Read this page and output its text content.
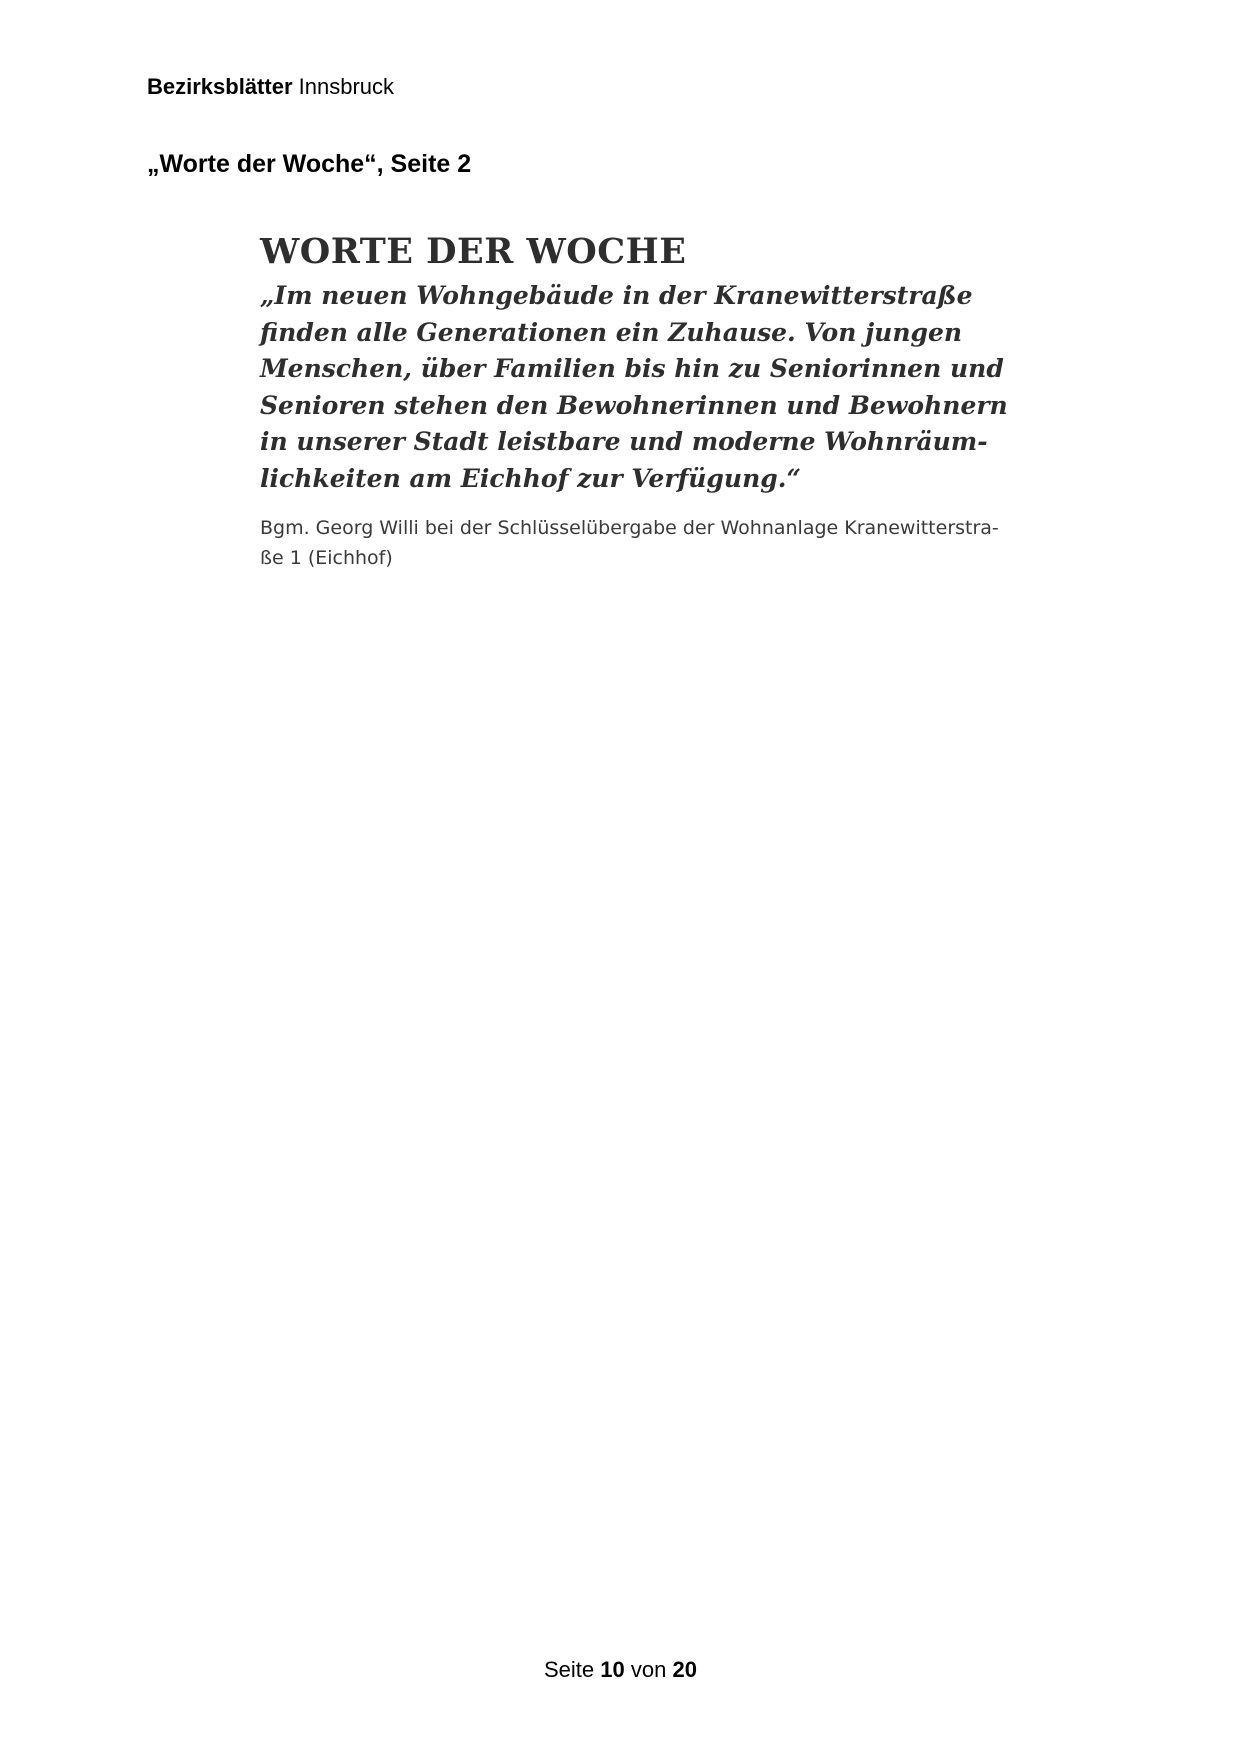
Bezirksblätter Innsbruck
„Worte der Woche“, Seite 2
WORTE DER WOCHE
„Im neuen Wohngebäude in der Kranewitterstraße
finden alle Generationen ein Zuhause. Von jungen
Menschen, über Familien bis hin zu Seniorinnen und
Senioren stehen den Bewohnerinnen und Bewohnern
in unserer Stadt leistbare und moderne Wohnräum-
lichkeiten am Eichhof zur Verfügung.“
Bgm. Georg Willi bei der Schlüsselübergabe der Wohnanlage Kranewitterstra-
ße 1 (Eichhof)
Seite 10 von 20
